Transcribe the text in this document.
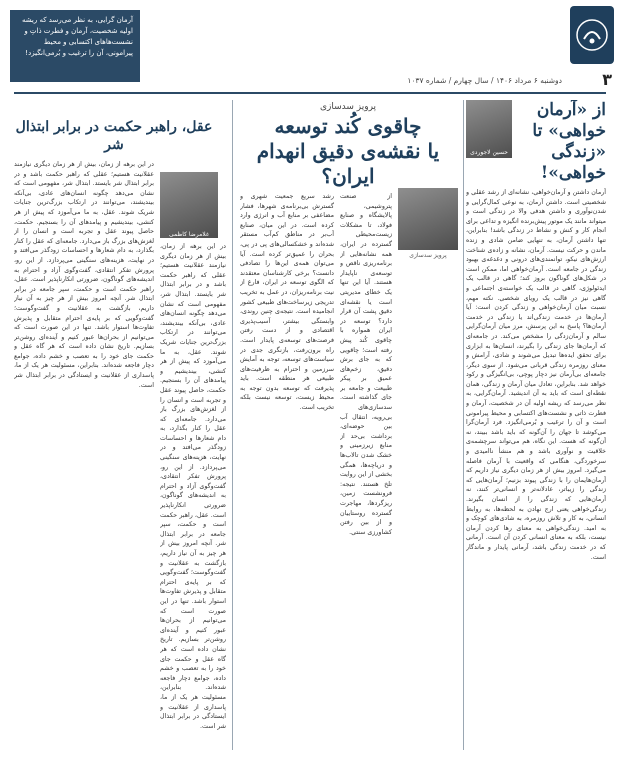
۳
دوشنبه ۶ مرداد ۱۴۰۶ / سال چهارم / شماره ۱۰۳۷
آرمان گرایی، به نظر می‌رسد که ریشه اولیه شخصیت، آرمان و فطرت ذاتِ و نشست‌ها‌های اکتسابی و محیط پیرامونی، آن را ترغیب و بُرمی‌انگیزد!
از «آرمان خواهی» تا «زندگی خواهی»!
حسین لاجوردی

آرمان داشتن و آرمان‌خواهی، نشانه‌ای از رشد عقلی و شخصیتی است. داشتن آرمان، به نوعی کمال‌گرایی و شدن‌نوآوری و داشتن هدفی والا در زندگی است و میتواند مانند یک موتور پیش‌برنده انگیزه و تداعی برای انجام کار و کنش و نشاط در زندگی باشد! بنابراین، تنها داشتن آرمان، به تنهایی ضامن شادی و زنده ماندن و حرکت نیست. آرمان، نشانه و زاده‌ی شناخت ارزش‌های نیکو، توانمندی‌های درونی و دغدغه‌ی بهبود زندگی در جامعه است. آرمان‌خواهی اما، ممکن است در شکل‌های گوناگون بروز کند؛ گاهی در قالب یک ایدئولوژی، گاهی در قالب یک خواسته‌ی اجتماعی و گاهی نیز در قالب یک رویای شخصی. نکته مهم، نسبت میان آرمان‌خواهی و زندگی کردن است: آیا آرمان‌ها در خدمت زندگی‌اند یا زندگی در خدمت آرمان‌ها؟ پاسخ به این پرسش، مرز میان آرمان‌گرایی سالم و آرمان‌زدگی را مشخص می‌کند. در جامعه‌ای که آرمان‌ها جای زندگی را بگیرند، انسان‌ها به ابزاری برای تحقق ایده‌ها تبدیل می‌شوند و شادی، آرامش و معنای روزمره زندگی قربانی می‌شود. از سوی دیگر، جامعه‌ای بی‌آرمان نیز دچار پوچی، بی‌انگیزگی و رکود خواهد شد. بنابراین، تعادل میان آرمان و زندگی، همان نقطه‌ای است که باید به آن اندیشید. آرمان‌گرایی، به نظر می‌رسد که ریشه اولیه آن در شخصیت، آرمان و فطرت ذاتی و نشست‌های اکتسابی و محیط پیرامونی است و آن را ترغیب و بُرمی‌انگیزد. فرد آرمان‌گرا می‌کوشد تا جهان را آن‌گونه که باید باشد ببیند، نه آن‌گونه که هست. این نگاه، هم می‌تواند سرچشمه‌ی خلاقیت و نوآوری باشد و هم منشأ ناامیدی و سرخوردگی، هنگامی که واقعیت با آرمان فاصله می‌گیرد. امروز بیش از هر زمان دیگری نیاز داریم که آرمان‌هایمان را با زندگی پیوند بزنیم؛ آرمان‌هایی که زندگی را زیباتر، عادلانه‌تر و انسانی‌تر کنند، نه آرمان‌هایی که زندگی را از انسان بگیرند. زندگی‌خواهی یعنی ارج نهادن به لحظه‌ها، به روابط انسانی، به کار و تلاش روزمره، به شادی‌های کوچک و به امید. زندگی‌خواهی به معنای رها کردن آرمان نیست، بلکه به معنای انسانی کردن آن است. آرمانی که در خدمت زندگی باشد، آرمانی پایدار و ماندگار است.

پرویز سدسازی
چاقوی کُند توسعه
یا نقشه‌ی دقیق انهدام ایران؟
پرویز سدسازی

از صنعت پتروشیمی، پالایشگاه و صنایع فولاد، تا مشکلات زیست‌محیطی گسترده در ایران، همه نشانه‌هایی از برنامه‌ریزی ناقص و توسعه‌ی ناپایدار هستند. آیا این تنها یک خطای مدیریتی است یا نقشه‌ای دقیق پشت آن قرار دارد؟ توسعه در ایران همواره با چاقوی کُند پیش رفته است؛ چاقویی که به جای برش دقیق، زخم‌های عمیق بر پیکر طبیعت و جامعه بر جای گذاشته است. سدسازی‌های بی‌رویه، انتقال آب بین حوضه‌ای، برداشت بی‌حد از منابع زیرزمینی و خشک شدن تالاب‌ها و دریاچه‌ها، همگی بخشی از این روایت تلخ هستند. نتیجه: فرونشست زمین، ریزگردها، مهاجرت گسترده روستاییان و از بین رفتن کشاورزی سنتی.

رشد سریع جمعیت شهری و گسترش بی‌برنامه‌ی شهرها، فشار مضاعفی بر منابع آب و انرژی وارد کرده است. در این میان، صنایع آب‌بر در مناطق کم‌آب مستقر شده‌اند و خشکسالی‌های پی در پی، بحران را عمیق‌تر کرده است. آیا می‌توان همه‌ی این‌ها را تصادفی دانست؟ برخی کارشناسان معتقدند که الگوی توسعه در ایران، فارغ از نیت برنامه‌ریزان، در عمل به تخریب تدریجی زیرساخت‌های طبیعی کشور انجامیده است. نتیجه‌ی چنین روندی، وابستگی بیشتر، آسیب‌پذیری اقتصادی و از دست رفتن فرصت‌های توسعه‌ی پایدار است. راه برون‌رفت، بازنگری جدی در سیاست‌های توسعه، توجه به آمایش سرزمین و احترام به ظرفیت‌های طبیعی هر منطقه است. باید پذیرفت که توسعه بدون توجه به محیط زیست، توسعه نیست بلکه تخریب است.

عقل، راهبر حکمت در برابر ابتذال شر
غلامرضا کاظمی

در این برهه از زمان، بیش از هر زمان دیگری نیازمند عقلانیت هستیم؛ عقلی که راهبر حکمت باشد و در برابر ابتذال شر بایستد. ابتذال شر، مفهومی است که نشان می‌دهد چگونه انسان‌های عادی، بی‌آنکه بیندیشند، می‌توانند در ارتکاب بزرگ‌ترین جنایات شریک شوند. عقل، به ما می‌آموزد که پیش از هر کنشی، بیندیشیم و پیامدهای آن را بسنجیم. حکمت، حاصل پیوند عقل و تجربه است و انسان را از لغزش‌های بزرگ باز می‌دارد. جامعه‌ای که عقل را کنار بگذارد، به دام شعارها و احساسات زودگذر می‌افتد و در نهایت، هزینه‌های سنگینی می‌پردازد. از این رو، پرورش تفکر انتقادی، گفت‌وگوی آزاد و احترام به اندیشه‌های گوناگون، ضرورتی انکارناپذیر است. عقل، راهبر حکمت است و حکمت، سپر جامعه در برابر ابتذال شر. آنچه امروز بیش از هر چیز به آن نیاز داریم، بازگشت به عقلانیت و گفت‌وگوست؛ گفت‌وگویی که بر پایه‌ی احترام متقابل و پذیرش تفاوت‌ها استوار باشد. تنها در این صورت است که می‌توانیم از بحران‌ها عبور کنیم و آینده‌ای روشن‌تر بسازیم. تاریخ نشان داده است که هر گاه عقل و حکمت جای خود را به تعصب و خشم داده، جوامع دچار فاجعه شده‌اند. بنابراین، مسئولیت هر یک از ما، پاسداری از عقلانیت و ایستادگی در برابر ابتذال شر است.

در این برهه از زمان، بیش از هر زمان دیگری نیازمند عقلانیت هستیم؛ عقلی که راهبر حکمت باشد و در برابر ابتذال شر بایستد. ابتذال شر، مفهومی است که نشان می‌دهد چگونه انسان‌های عادی، بی‌آنکه بیندیشند، می‌توانند در ارتکاب بزرگ‌ترین جنایات شریک شوند. عقل، به ما می‌آموزد که پیش از هر کنشی، بیندیشیم و پیامدهای آن را بسنجیم. حکمت، حاصل پیوند عقل و تجربه است و انسان را از لغزش‌های بزرگ باز می‌دارد. جامعه‌ای که عقل را کنار بگذارد، به دام شعارها و احساسات زودگذر می‌افتد و در نهایت، هزینه‌های سنگینی می‌پردازد. از این رو، پرورش تفکر انتقادی، گفت‌وگوی آزاد و احترام به اندیشه‌های گوناگون، ضرورتی انکارناپذیر است. عقل، راهبر حکمت است و حکمت، سپر جامعه در برابر ابتذال شر. آنچه امروز بیش از هر چیز به آن نیاز داریم، بازگشت به عقلانیت و گفت‌وگوست؛ گفت‌وگویی که بر پایه‌ی احترام متقابل و پذیرش تفاوت‌ها استوار باشد. تنها در این صورت است که می‌توانیم از بحران‌ها عبور کنیم و آینده‌ای روشن‌تر بسازیم. تاریخ نشان داده است که هر گاه عقل و حکمت جای خود را به تعصب و خشم داده، جوامع دچار فاجعه شده‌اند. بنابراین، مسئولیت هر یک از ما، پاسداری از عقلانیت و ایستادگی در برابر ابتذال شر است.
